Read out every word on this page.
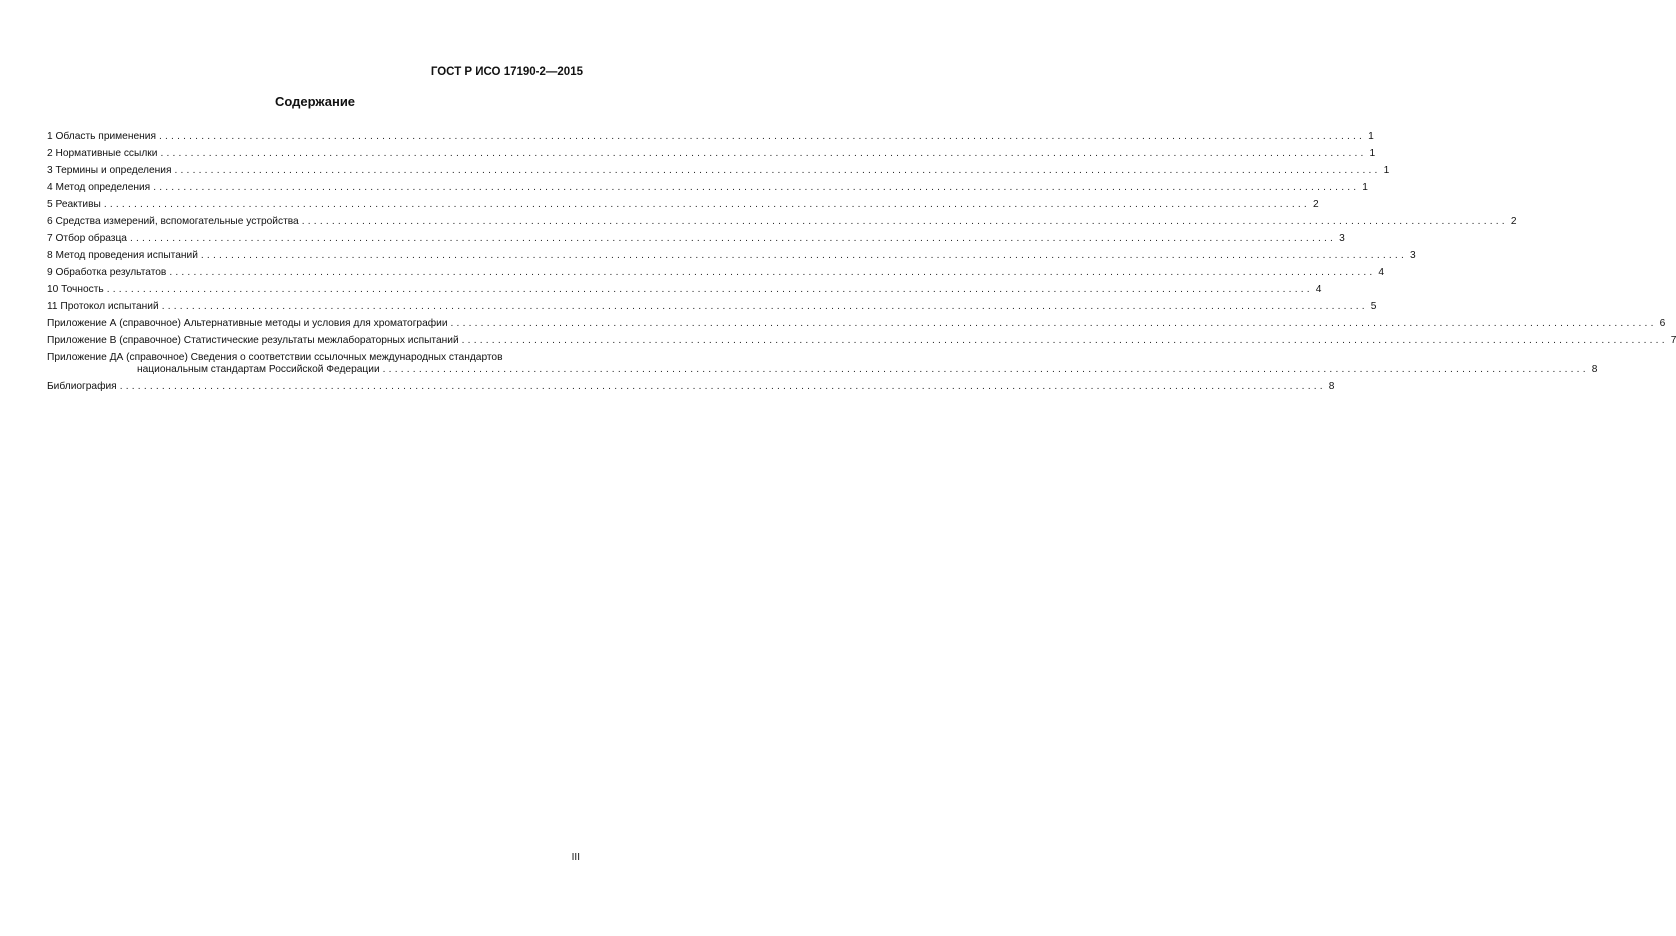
ГОСТ Р ИСО 17190-2—2015
Содержание
1 Область применения ........................................................................................................................................................................................................ 1
2 Нормативные ссылки ........................................................................................................................................................................................................ 1
3 Термины и определения ........................................................................................................................................................................................................ 1
4 Метод определения ........................................................................................................................................................................................................ 1
5 Реактивы ........................................................................................................................................................................................................ 2
6 Средства измерений, вспомогательные устройства ........................................................................................................................................................................................................ 2
7 Отбор образца ........................................................................................................................................................................................................ 3
8 Метод проведения испытаний ........................................................................................................................................................................................................ 3
9 Обработка результатов ........................................................................................................................................................................................................ 4
10 Точность ........................................................................................................................................................................................................ 4
11 Протокол испытаний ........................................................................................................................................................................................................ 5
Приложение А (справочное) Альтернативные методы и условия для хроматографии ........................................................................................................................................................................................................ 6
Приложение В (справочное) Статистические результаты межлабораторных испытаний ........................................................................................................................................................................................................ 7
Приложение ДА (справочное) Сведения о соответствии ссылочных международных стандартов
национальным стандартам Российской Федерации ........................................................................................................................................................................................................ 8
Библиография ........................................................................................................................................................................................................ 8
III
